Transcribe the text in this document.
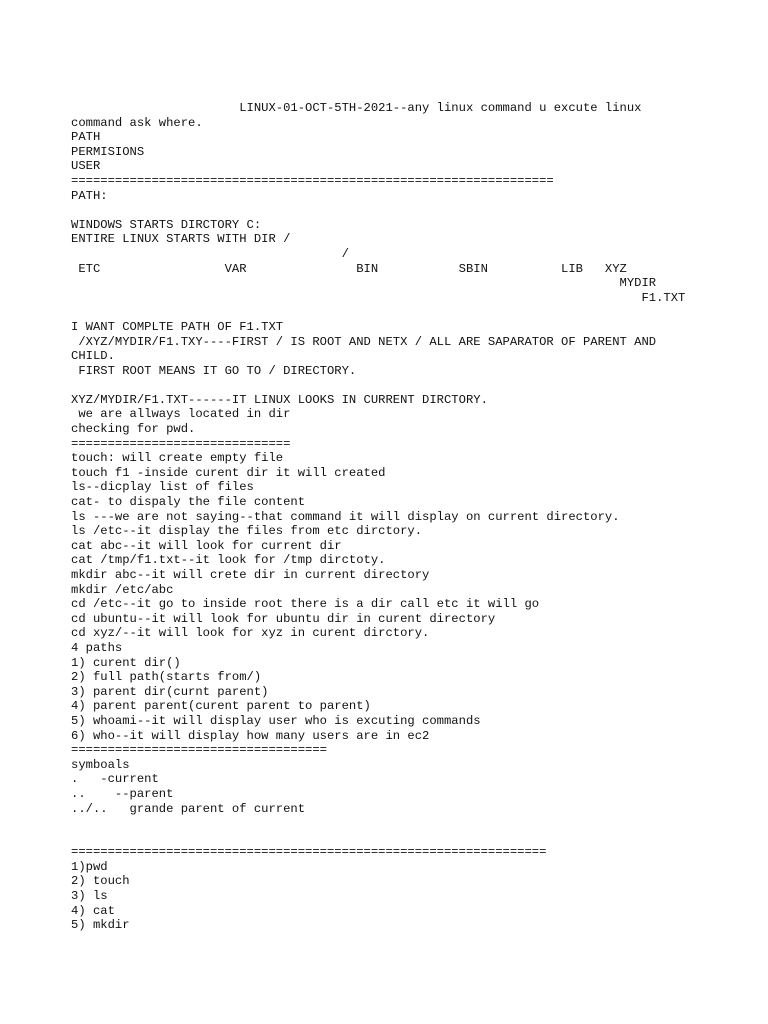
LINUX-01-OCT-5TH-2021--any linux command u excute linux
command ask where.
PATH
PERMISIONS
USER
==================================================================
PATH:
WINDOWS STARTS DIRCTORY C:
ENTIRE LINUX STARTS WITH DIR /
/
ETC                 VAR               BIN           SBIN          LIB   XYZ
MYDIR
F1.TXT
I WANT COMPLTE PATH OF F1.TXT
/XYZ/MYDIR/F1.TXY----FIRST / IS ROOT AND NETX / ALL ARE SAPARATOR OF PARENT AND
CHILD.
FIRST ROOT MEANS IT GO TO / DIRECTORY.
XYZ/MYDIR/F1.TXT------IT LINUX LOOKS IN CURRENT DIRCTORY.
we are allways located in dir
checking for pwd.
==============================
touch: will create empty file
touch f1 -inside curent dir it will created
ls--dicplay list of files
cat- to dispaly the file content
ls ---we are not saying--that command it will display on current directory.
ls /etc--it display the files from etc dirctory.
cat abc--it will look for current dir
cat /tmp/f1.txt--it look for /tmp dirctoty.
mkdir abc--it will crete dir in current directory
mkdir /etc/abc
cd /etc--it go to inside root there is a dir call etc it will go
cd ubuntu--it will look for ubuntu dir in curent directory
cd xyz/--it will look for xyz in curent dirctory.
4 paths
1) curent dir()
2) full path(starts from/)
3) parent dir(curnt parent)
4) parent parent(curent parent to parent)
5) whoami--it will display user who is excuting commands
6) who--it will display how many users are in ec2
===================================
symboals
.   -current
..    --parent
../..   grande parent of current
=================================================================
1)pwd
2) touch
3) ls
4) cat
5) mkdir
